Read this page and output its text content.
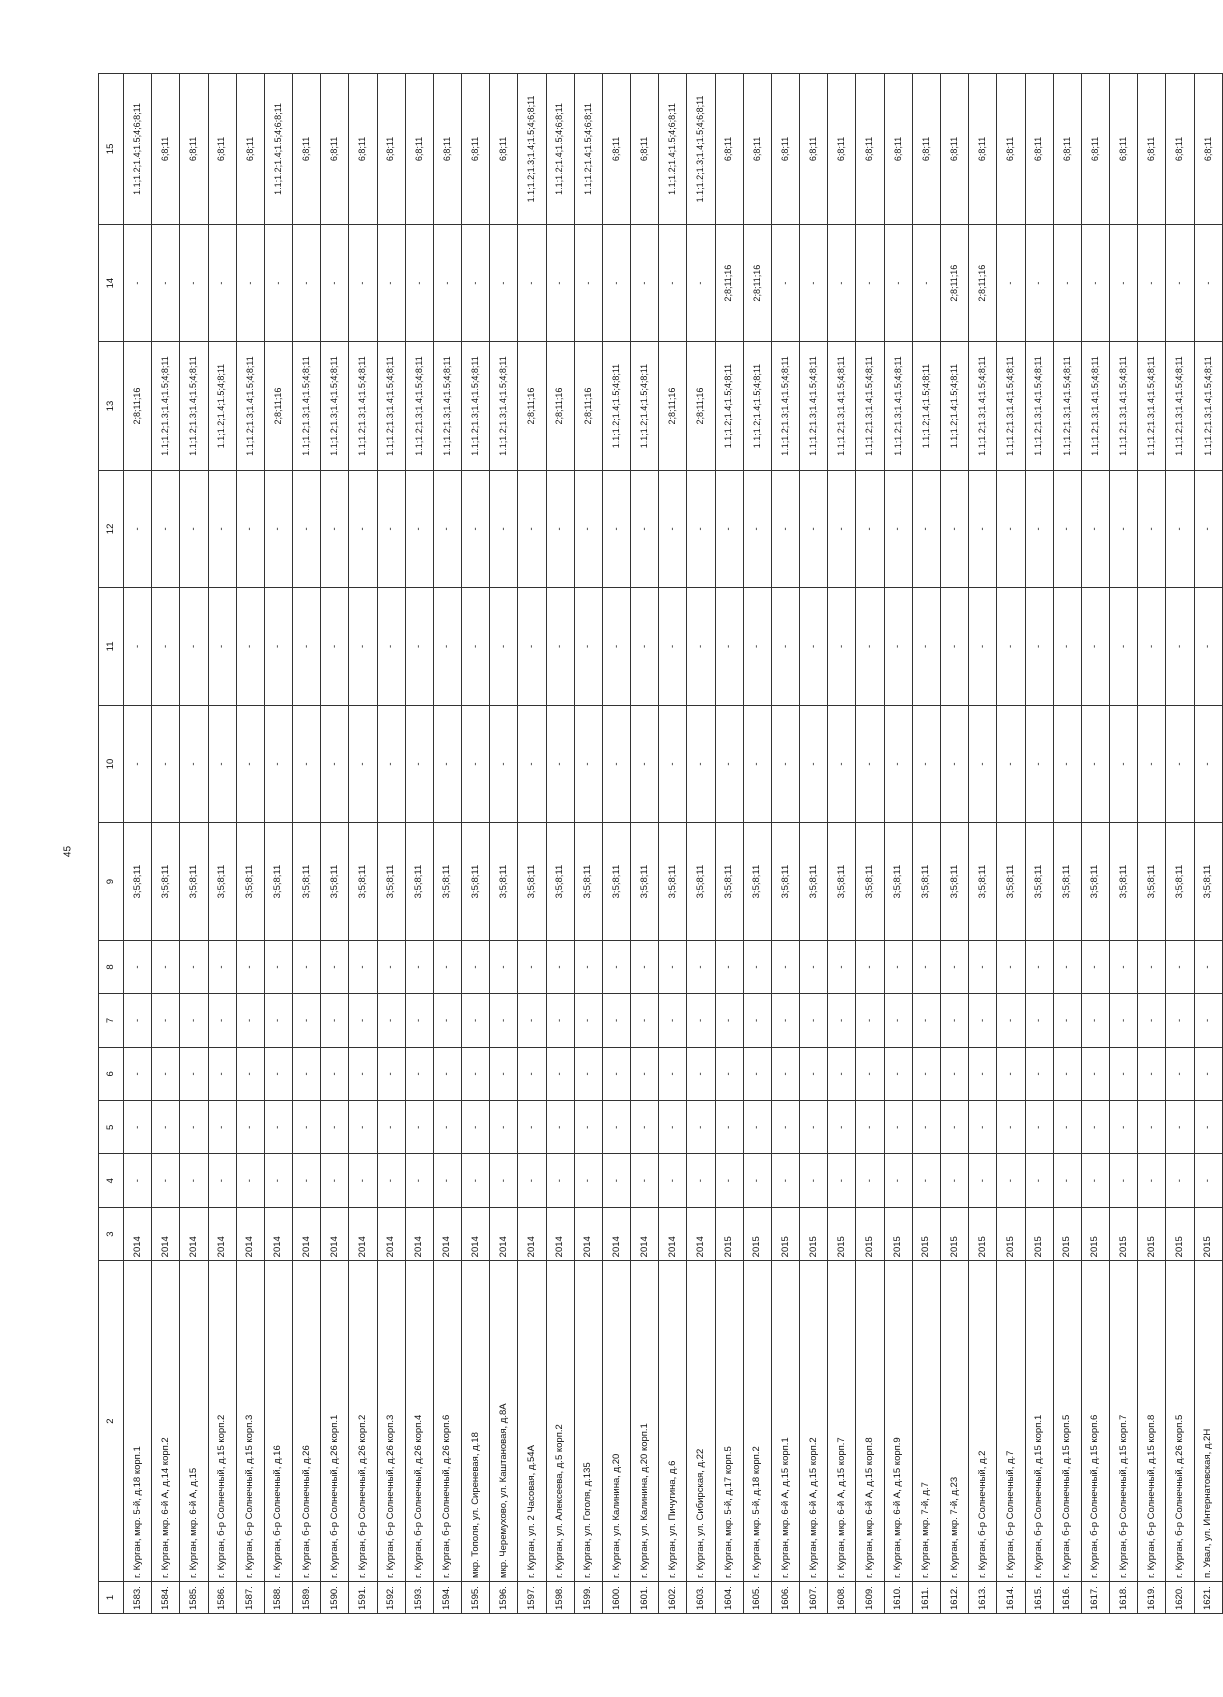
45
1	2	3	4	5	6	7	8	9	10	11	12	13	14	15
1583.	г. Курган, мкр. 5-й, д.18 корп.1	2014	-	-	-	-	-	3;5;8;11	-	-	-	2;8;11;16	-	1.1;1.2;1.4;1.5;4;6;8;11
1584.	г. Курган, мкр. 6-й А, д.14 корп.2	2014	-	-	-	-	-	3;5;8;11	-	-	-	1.1;1.2;1.3;1.4;1.5;4;8;11	-	6;8;11
1585.	г. Курган, мкр. 6-й А, д.15	2014	-	-	-	-	-	3;5;8;11	-	-	-	1.1;1.2;1.3;1.4;1.5;4;8;11	-	6;8;11
1586.	г. Курган, б-р Солнечный, д.15 корп.2	2014	-	-	-	-	-	3;5;8;11	-	-	-	1.1;1.2;1.4;1.5;4;8;11	-	6;8;11
1587.	г. Курган, б-р Солнечный, д.15 корп.3	2014	-	-	-	-	-	3;5;8;11	-	-	-	1.1;1.2;1.3;1.4;1.5;4;8;11	-	6;8;11
1588.	г. Курган, б-р Солнечный, д.16	2014	-	-	-	-	-	3;5;8;11	-	-	-	2;8;11;16	-	1.1;1.2;1.4;1.5;4;6;8;11
1589.	г. Курган, б-р Солнечный, д.26	2014	-	-	-	-	-	3;5;8;11	-	-	-	1.1;1.2;1.3;1.4;1.5;4;8;11	-	6;8;11
1590.	г. Курган, б-р Солнечный, д.26 корп.1	2014	-	-	-	-	-	3;5;8;11	-	-	-	1.1;1.2;1.3;1.4;1.5;4;8;11	-	6;8;11
1591.	г. Курган, б-р Солнечный, д.26 корп.2	2014	-	-	-	-	-	3;5;8;11	-	-	-	1.1;1.2;1.3;1.4;1.5;4;8;11	-	6;8;11
1592.	г. Курган, б-р Солнечный, д.26 корп.3	2014	-	-	-	-	-	3;5;8;11	-	-	-	1.1;1.2;1.3;1.4;1.5;4;8;11	-	6;8;11
1593.	г. Курган, б-р Солнечный, д.26 корп.4	2014	-	-	-	-	-	3;5;8;11	-	-	-	1.1;1.2;1.3;1.4;1.5;4;8;11	-	6;8;11
1594.	г. Курган, б-р Солнечный, д.26 корп.6	2014	-	-	-	-	-	3;5;8;11	-	-	-	1.1;1.2;1.3;1.4;1.5;4;8;11	-	6;8;11
1595.	мкр. Тополя, ул. Сиреневая, д.18	2014	-	-	-	-	-	3;5;8;11	-	-	-	1.1;1.2;1.3;1.4;1.5;4;8;11	-	6;8;11
1596.	мкр. Черемухово, ул. Каштановая, д.8А	2014	-	-	-	-	-	3;5;8;11	-	-	-	1.1;1.2;1.3;1.4;1.5;4;8;11	-	6;8;11
1597.	г. Курган, ул. 2 Часовая, д.54А	2014	-	-	-	-	-	3;5;8;11	-	-	-	2;8;11;16	-	1.1;1.2;1.3;1.4;1.5;4;6;8;11
1598.	г. Курган, ул. Алексеева, д.5 корп.2	2014	-	-	-	-	-	3;5;8;11	-	-	-	2;8;11;16	-	1.1;1.2;1.4;1.5;4;6;8;11
1599.	г. Курган, ул. Гоголя, д.135	2014	-	-	-	-	-	3;5;8;11	-	-	-	2;8;11;16	-	1.1;1.2;1.4;1.5;4;6;8;11
1600.	г. Курган, ул. Калинина, д.20	2014	-	-	-	-	-	3;5;8;11	-	-	-	1.1;1.2;1.4;1.5;4;8;11	-	6;8;11
1601.	г. Курган, ул. Калинина, д.20 корп.1	2014	-	-	-	-	-	3;5;8;11	-	-	-	1.1;1.2;1.4;1.5;4;8;11	-	6;8;11
1602.	г. Курган, ул. Пичугина, д.6	2014	-	-	-	-	-	3;5;8;11	-	-	-	2;8;11;16	-	1.1;1.2;1.4;1.5;4;6;8;11
1603.	г. Курган, ул. Сибирская, д.22	2014	-	-	-	-	-	3;5;8;11	-	-	-	2;8;11;16	-	1.1;1.2;1.3;1.4;1.5;4;6;8;11
1604.	г. Курган, мкр. 5-й, д.17 корп.5	2015	-	-	-	-	-	3;5;8;11	-	-	-	1.1;1.2;1.4;1.5;4;8;11	2;8;11;16	6;8;11
1605.	г. Курган, мкр. 5-й, д.18 корп.2	2015	-	-	-	-	-	3;5;8;11	-	-	-	1.1;1.2;1.4;1.5;4;8;11	2;8;11;16	6;8;11
1606.	г. Курган, мкр. 6-й А, д.15 корп.1	2015	-	-	-	-	-	3;5;8;11	-	-	-	1.1;1.2;1.3;1.4;1.5;4;8;11	-	6;8;11
1607.	г. Курган, мкр. 6-й А, д.15 корп.2	2015	-	-	-	-	-	3;5;8;11	-	-	-	1.1;1.2;1.3;1.4;1.5;4;8;11	-	6;8;11
1608.	г. Курган, мкр. 6-й А, д.15 корп.7	2015	-	-	-	-	-	3;5;8;11	-	-	-	1.1;1.2;1.3;1.4;1.5;4;8;11	-	6;8;11
1609.	г. Курган, мкр. 6-й А, д.15 корп.8	2015	-	-	-	-	-	3;5;8;11	-	-	-	1.1;1.2;1.3;1.4;1.5;4;8;11	-	6;8;11
1610.	г. Курган, мкр. 6-й А, д.15 корп.9	2015	-	-	-	-	-	3;5;8;11	-	-	-	1.1;1.2;1.3;1.4;1.5;4;8;11	-	6;8;11
1611.	г. Курган, мкр. 7-й, д.7	2015	-	-	-	-	-	3;5;8;11	-	-	-	1.1;1.2;1.4;1.5;4;8;11	-	6;8;11
1612.	г. Курган, мкр. 7-й, д.23	2015	-	-	-	-	-	3;5;8;11	-	-	-	1.1;1.2;1.4;1.5;4;8;11	2;8;11;16	6;8;11
1613.	г. Курган, б-р Солнечный, д.2	2015	-	-	-	-	-	3;5;8;11	-	-	-	1.1;1.2;1.3;1.4;1.5;4;8;11	2;8;11;16	6;8;11
1614.	г. Курган, б-р Солнечный, д.7	2015	-	-	-	-	-	3;5;8;11	-	-	-	1.1;1.2;1.3;1.4;1.5;4;8;11	-	6;8;11
1615.	г. Курган, б-р Солнечный, д.15 корп.1	2015	-	-	-	-	-	3;5;8;11	-	-	-	1.1;1.2;1.3;1.4;1.5;4;8;11	-	6;8;11
1616.	г. Курган, б-р Солнечный, д.15 корп.5	2015	-	-	-	-	-	3;5;8;11	-	-	-	1.1;1.2;1.3;1.4;1.5;4;8;11	-	6;8;11
1617.	г. Курган, б-р Солнечный, д.15 корп.6	2015	-	-	-	-	-	3;5;8;11	-	-	-	1.1;1.2;1.3;1.4;1.5;4;8;11	-	6;8;11
1618.	г. Курган, б-р Солнечный, д.15 корп.7	2015	-	-	-	-	-	3;5;8;11	-	-	-	1.1;1.2;1.3;1.4;1.5;4;8;11	-	6;8;11
1619.	г. Курган, б-р Солнечный, д.15 корп.8	2015	-	-	-	-	-	3;5;8;11	-	-	-	1.1;1.2;1.3;1.4;1.5;4;8;11	-	6;8;11
1620.	г. Курган, б-р Солнечный, д.26 корп.5	2015	-	-	-	-	-	3;5;8;11	-	-	-	1.1;1.2;1.3;1.4;1.5;4;8;11	-	6;8;11
1621.	п. Увал, ул. Интернатовская, д.2Н	2015	-	-	-	-	-	3;5;8;11	-	-	-	1.1;1.2;1.3;1.4;1.5;4;8;11	-	6;8;11
